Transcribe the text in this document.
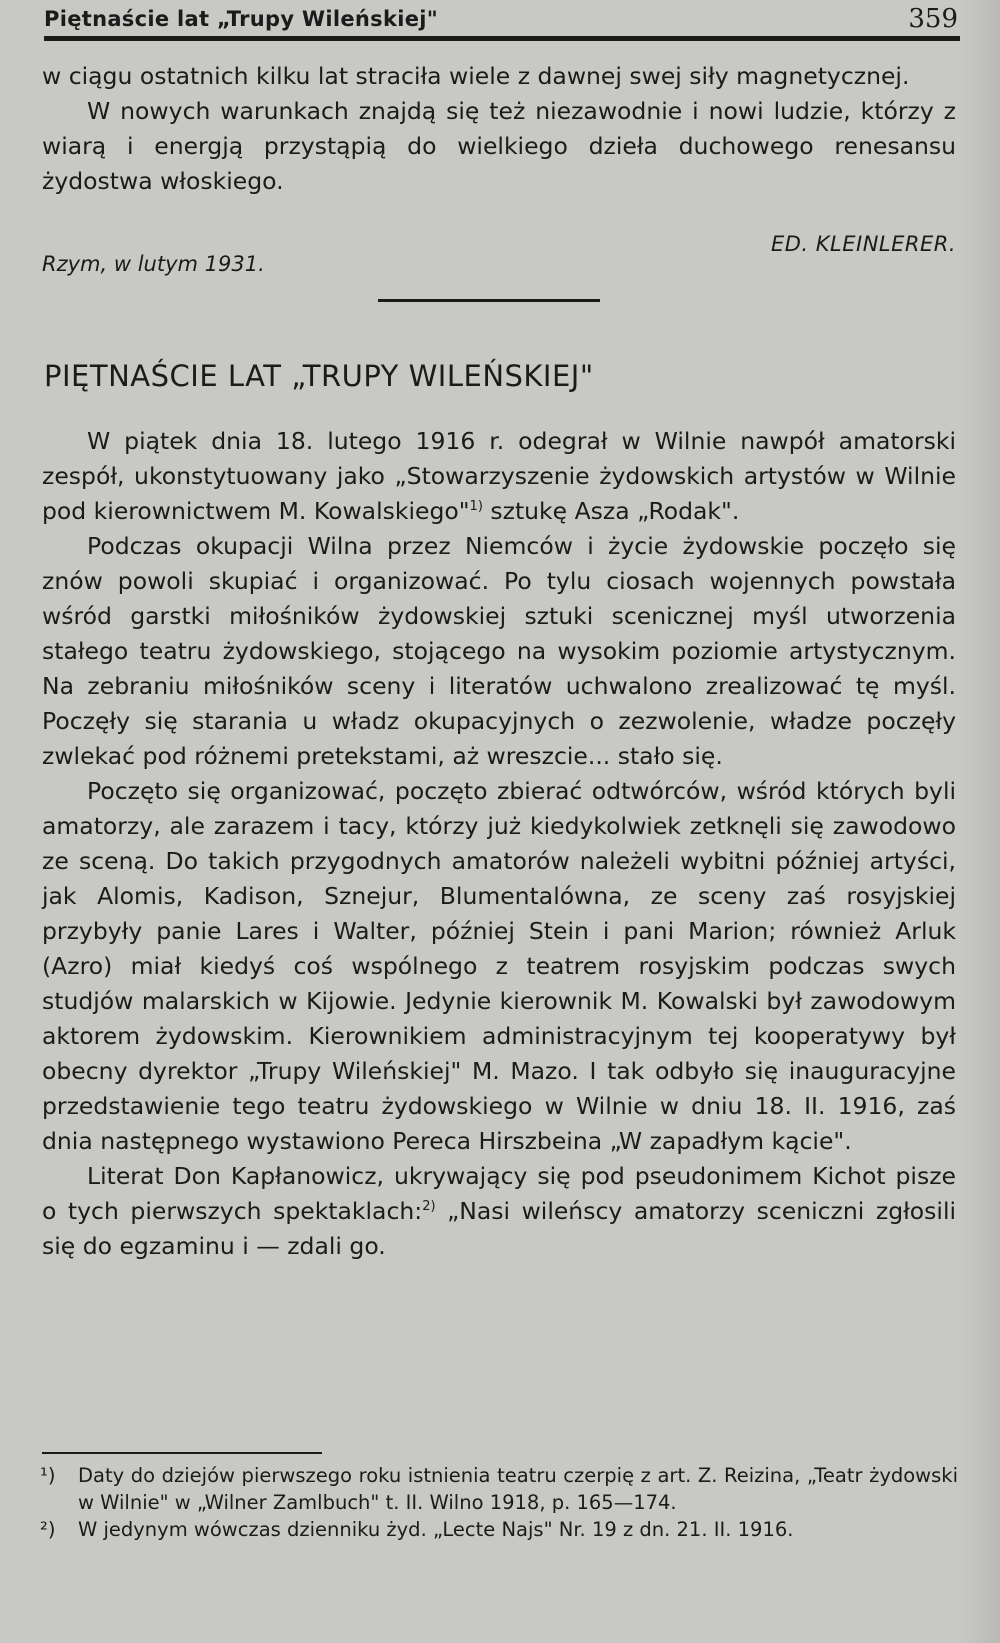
Piętnaście lat „Trupy Wileńskiej"	359

w ciągu ostatnich kilku lat straciła wiele z dawnej swej siły magnetycznej.

W nowych warunkach znajdą się też niezawodnie i nowi ludzie, którzy z wiarą i energją przystąpią do wielkiego dzieła duchowego renesansu żydostwa włoskiego.

Rzym, w lutym 1931.
ED. KLEINLERER.
PIĘTNAŚCIE LAT „TRUPY WILEŃSKIEJ"

W piątek dnia 18. lutego 1916 r. odegrał w Wilnie nawpół amatorski zespół, ukonstytuowany jako „Stowarzyszenie żydowskich artystów w Wilnie pod kierownictwem M. Kowalskiego"$^{1)}$ sztukę Asza „Rodak".

Podczas okupacji Wilna przez Niemców i życie żydowskie poczęło się znów powoli skupiać i organizować. Po tylu ciosach wojennych powstała wśród garstki miłośników żydowskiej sztuki scenicznej myśl utworzenia stałego teatru żydowskiego, stojącego na wysokim poziomie artystycznym. Na zebraniu miłośników sceny i literatów uchwalono zrealizować tę myśl. Poczęły się starania u władz okupacyjnych o zezwolenie, władze poczęły zwlekać pod różnemi pretekstami, aż wreszcie... stało się.

Poczęto się organizować, poczęto zbierać odtwórców, wśród których byli amatorzy, ale zarazem i tacy, którzy już kiedykolwiek zetknęli się zawodowo ze sceną. Do takich przygodnych amatorów należeli wybitni później artyści, jak Alomis, Kadison, Sznejur, Blumentalówna, ze sceny zaś rosyjskiej przybyły panie Lares i Walter, później Stein i pani Marion; również Arluk (Azro) miał kiedyś coś wspólnego z teatrem rosyjskim podczas swych studjów malarskich w Kijowie. Jedynie kierownik M. Kowalski był zawodowym aktorem żydowskim. Kierownikiem administracyjnym tej kooperatywy był obecny dyrektor „Trupy Wileńskiej" M. Mazo. I tak odbyło się inauguracyjne przedstawienie tego teatru żydowskiego w Wilnie w dniu 18. II. 1916, zaś dnia następnego wystawiono Pereca Hirszbeina „W zapadłym kącie".

Literat Don Kapłanowicz, ukrywający się pod pseudonimem Kichot pisze o tych pierwszych spektaklach:$^{2)}$ „Nasi wileńscy amatorzy sceniczni zgłosili się do egzaminu i — zdali go.

¹)	Daty do dziejów pierwszego roku istnienia teatru czerpię z art. Z. Reizina, „Teatr żydowski w Wilnie" w „Wilner Zamlbuch" t. II. Wilno 1918, p. 165—174.
²)	W jedynym wówczas dzienniku żyd. „Lecte Najs" Nr. 19 z dn. 21. II. 1916.
